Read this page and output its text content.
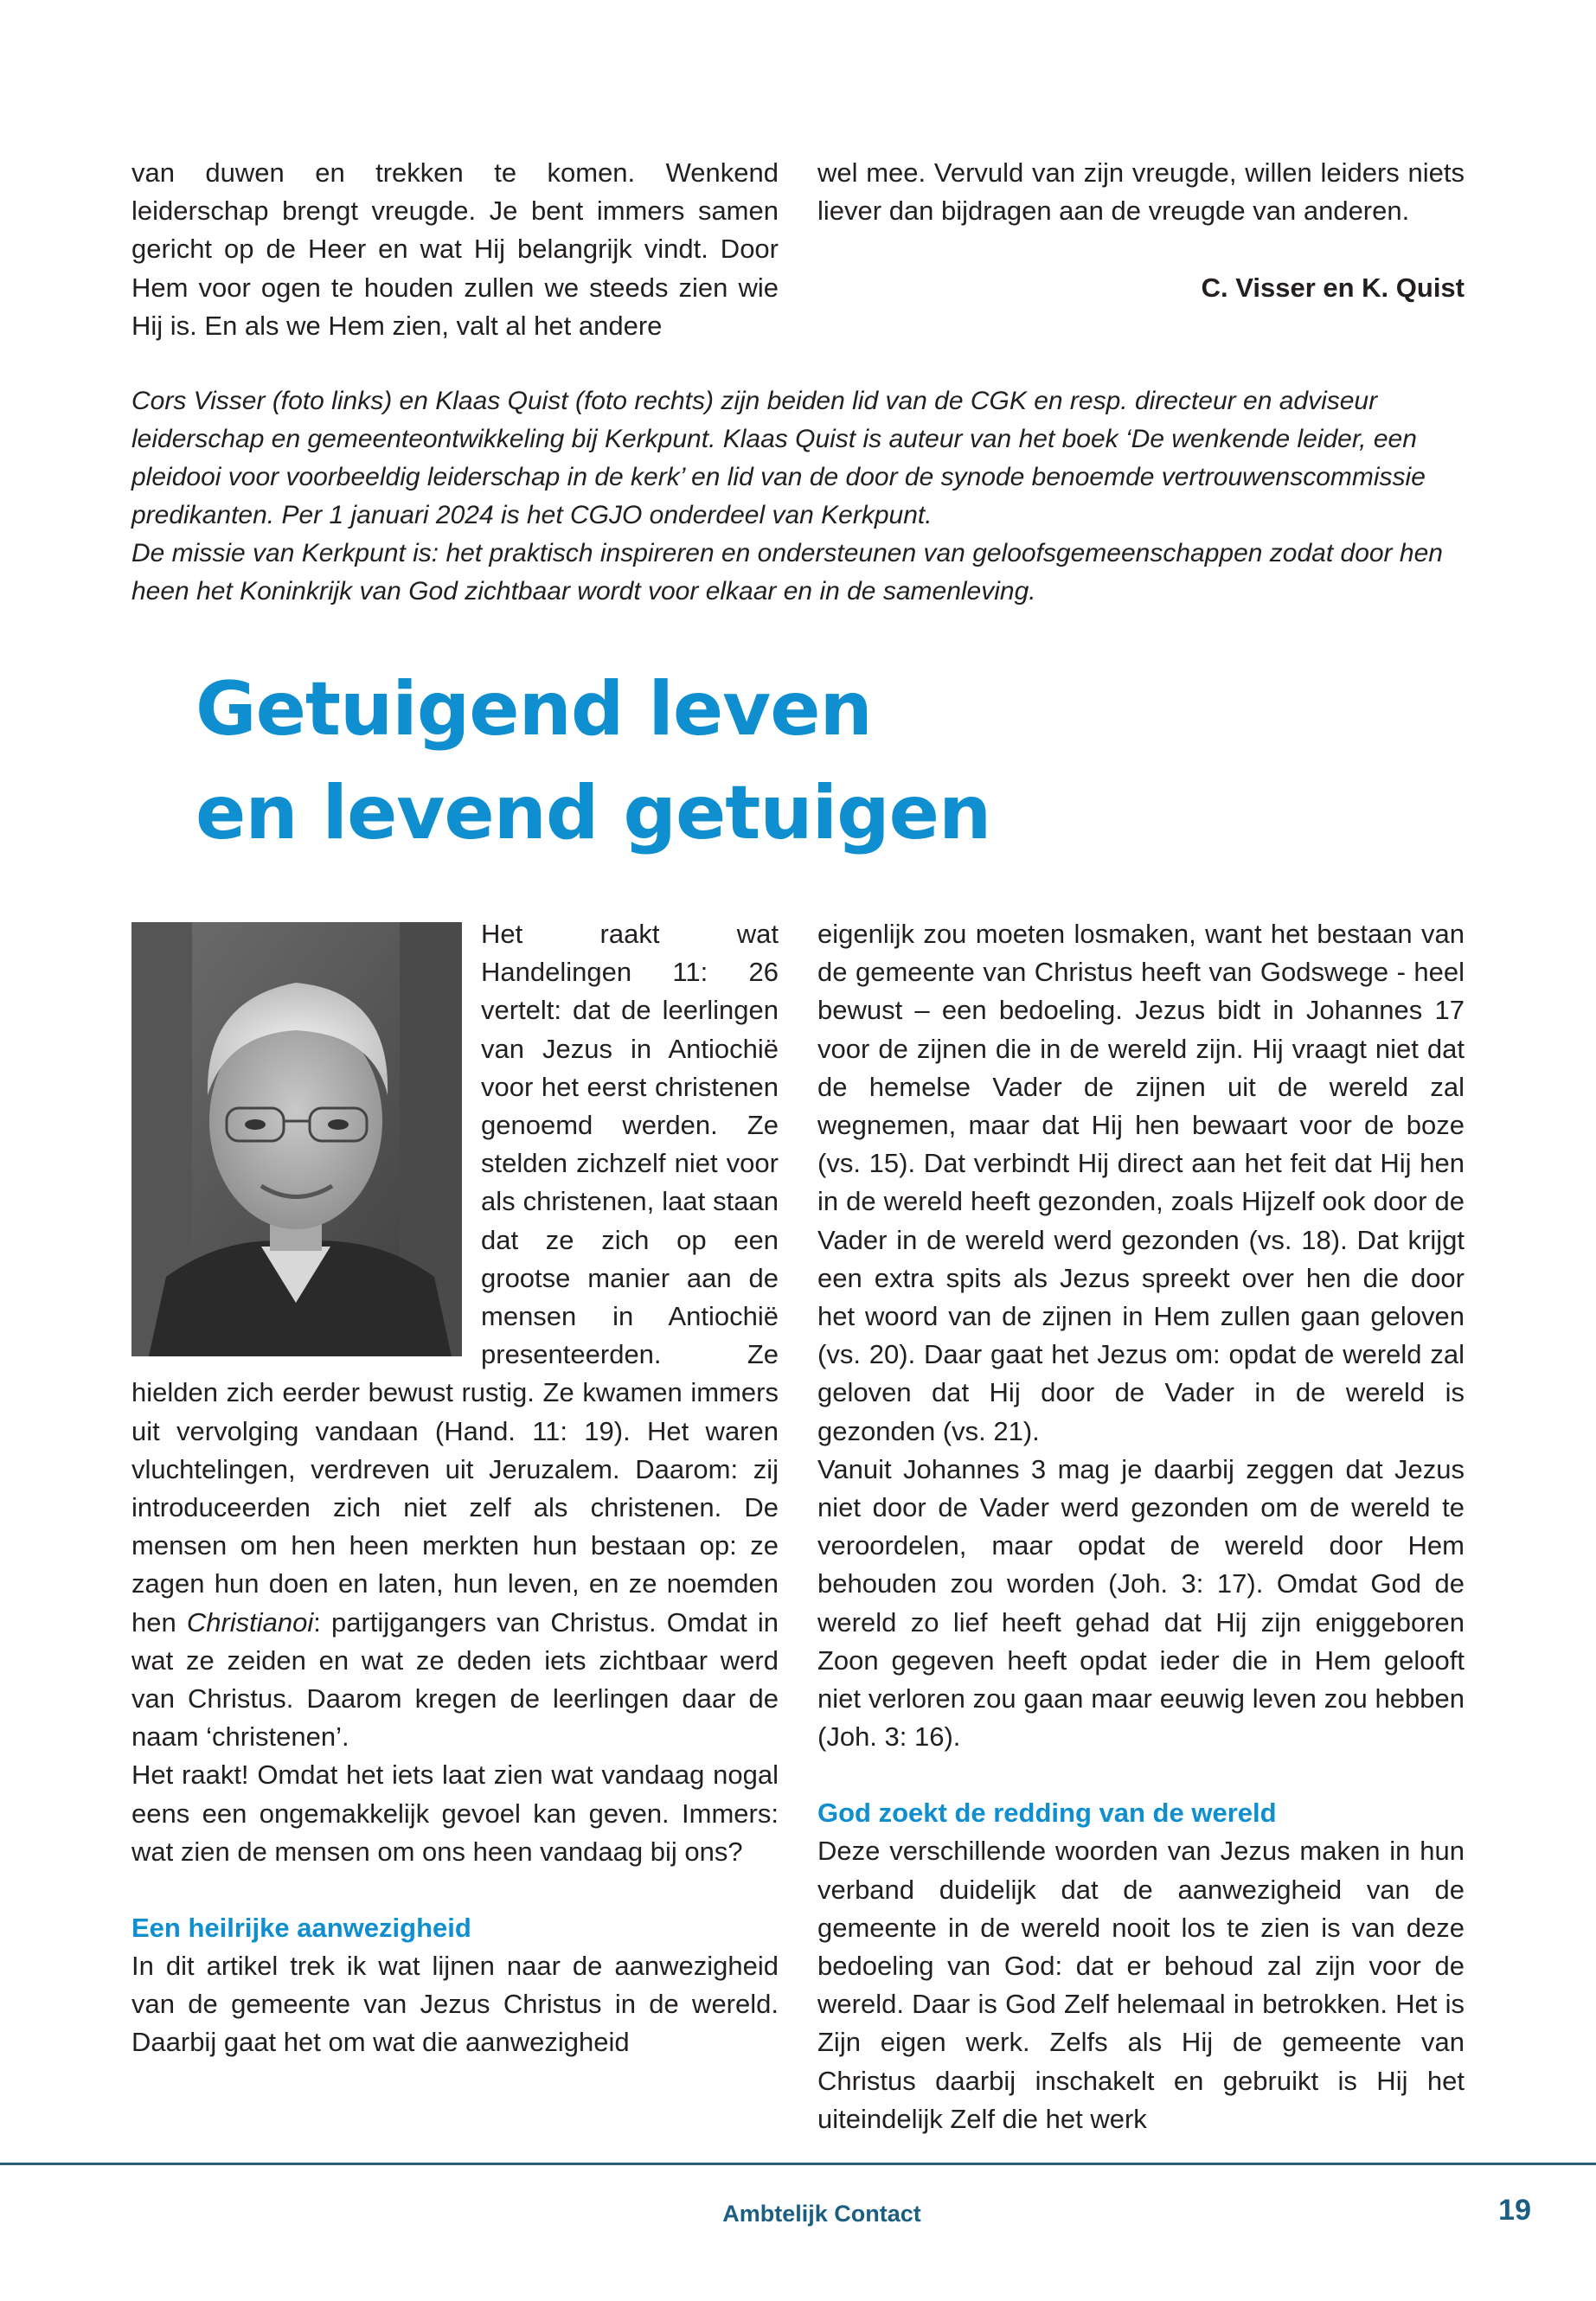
van duwen en trekken te komen. Wenkend leiderschap brengt vreugde. Je bent immers samen gericht op de Heer en wat Hij belangrijk vindt. Door Hem voor ogen te houden zullen we steeds zien wie Hij is. En als we Hem zien, valt al het andere

wel mee. Vervuld van zijn vreugde, willen leiders niets liever dan bijdragen aan de vreugde van anderen.

C. Visser en K. Quist

Cors Visser (foto links) en Klaas Quist (foto rechts) zijn beiden lid van de CGK en resp. directeur en adviseur leiderschap en gemeenteontwikkeling bij Kerkpunt. Klaas Quist is auteur van het boek ‘De wenkende leider, een pleidooi voor voorbeeldig leiderschap in de kerk’ en lid van de door de synode benoemde vertrouwenscommissie predikanten. Per 1 januari 2024 is het CGJO onderdeel van Kerkpunt.

De missie van Kerkpunt is: het praktisch inspireren en ondersteunen van geloofsgemeenschappen zodat door hen heen het Koninkrijk van God zichtbaar wordt voor elkaar en in de samenleving.

Getuigend leven
en levend getuigen

Het raakt wat Handelingen 11: 26 vertelt: dat de leerlingen van Jezus in Antiochië voor het eerst christenen genoemd werden. Ze stelden zichzelf niet voor als christenen, laat staan dat ze zich op een grootse manier aan de mensen in Antiochië presenteerden. Ze hielden zich eerder bewust rustig. Ze kwamen immers uit vervolging vandaan (Hand. 11: 19). Het waren vluchtelingen, verdreven uit Jeruzalem. Daarom: zij introduceerden zich niet zelf als christenen. De mensen om hen heen merkten hun bestaan op: ze zagen hun doen en laten, hun leven, en ze noemden hen Christianoi: partijgangers van Christus. Omdat in wat ze zeiden en wat ze deden iets zichtbaar werd van Christus. Daarom kregen de leerlingen daar de naam ‘christenen’.

Het raakt! Omdat het iets laat zien wat vandaag nogal eens een ongemakkelijk gevoel kan geven. Immers: wat zien de mensen om ons heen vandaag bij ons?

Een heilrijke aanwezigheid

In dit artikel trek ik wat lijnen naar de aanwezigheid van de gemeente van Jezus Christus in de wereld. Daarbij gaat het om wat die aanwezigheid

eigenlijk zou moeten losmaken, want het bestaan van de gemeente van Christus heeft van Godswege - heel bewust – een bedoeling. Jezus bidt in Johannes 17 voor de zijnen die in de wereld zijn. Hij vraagt niet dat de hemelse Vader de zijnen uit de wereld zal wegnemen, maar dat Hij hen bewaart voor de boze (vs. 15). Dat verbindt Hij direct aan het feit dat Hij hen in de wereld heeft gezonden, zoals Hijzelf ook door de Vader in de wereld werd gezonden (vs. 18). Dat krijgt een extra spits als Jezus spreekt over hen die door het woord van de zijnen in Hem zullen gaan geloven (vs. 20). Daar gaat het Jezus om: opdat de wereld zal geloven dat Hij door de Vader in de wereld is gezonden (vs. 21).

Vanuit Johannes 3 mag je daarbij zeggen dat Jezus niet door de Vader werd gezonden om de wereld te veroordelen, maar opdat de wereld door Hem behouden zou worden (Joh. 3: 17). Omdat God de wereld zo lief heeft gehad dat Hij zijn eniggeboren Zoon gegeven heeft opdat ieder die in Hem gelooft niet verloren zou gaan maar eeuwig leven zou hebben (Joh. 3: 16).

God zoekt de redding van de wereld

Deze verschillende woorden van Jezus maken in hun verband duidelijk dat de aanwezigheid van de gemeente in de wereld nooit los te zien is van deze bedoeling van God: dat er behoud zal zijn voor de wereld. Daar is God Zelf helemaal in betrokken. Het is Zijn eigen werk. Zelfs als Hij de gemeente van Christus daarbij inschakelt en gebruikt is Hij het uiteindelijk Zelf die het werk

Ambtelijk Contact	19
